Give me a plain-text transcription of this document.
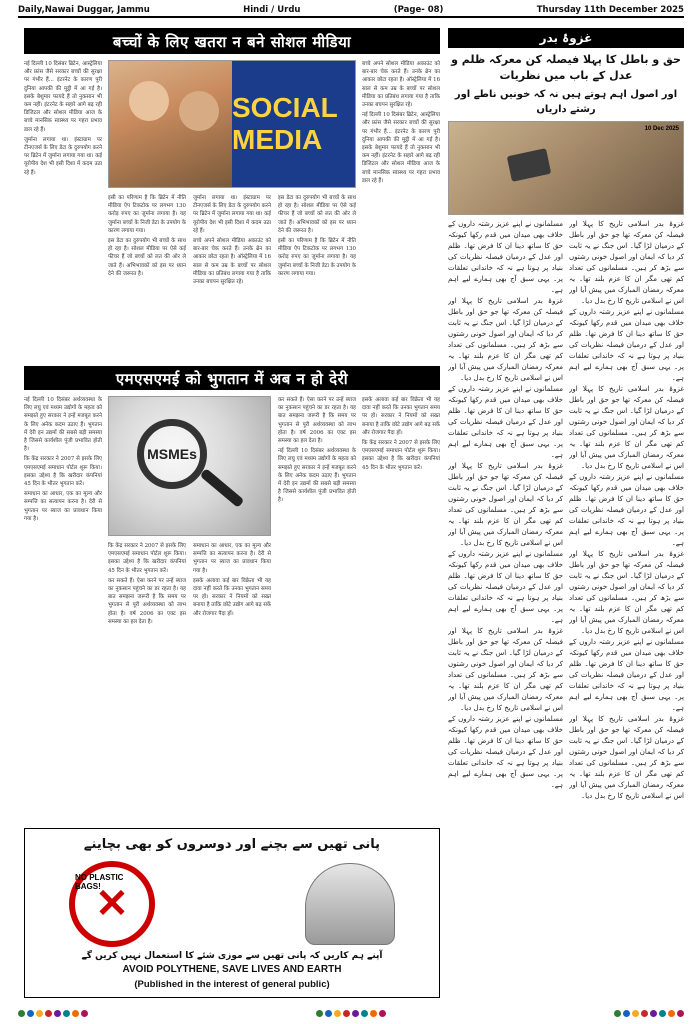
Daily,Nawai Duggar, Jammu	Hindi / Urdu	(Page- 08)	Thursday 11th December 2025
बच्चों के लिए खतरा न बने सोशल मीडिया

नई दिल्ली 10 दिसंबर ब्रिटेन, आस्ट्रेलिया और फ्रांस जैसे सरकार बच्चों की सुरक्षा पर गंभीर हैं... इंटरनेट के कारण पूरी दुनिया आपकी की मुट्ठी में आ गई है। इसके बेशुमार फायदे हैं तो नुकसान भी कम नहीं। इंटरनेट के सहारे आगे बढ़ रही डिजिटल और सोशल मीडिया आज के बच्चे मानसिक स्वास्थ्य पर गहरा प्रभाव डाल रहे हैं।

जुर्माना लगाया था। इंस्टाग्राम पर टीनएजर्स के लिए डेटा के दुरुपयोग करने पर ब्रिटेन में जुर्माना लगाया गया था। कई यूरोपीय देश भी इसी दिशा में कदम उठा रहे हैं।

SOCIAL MEDIA

इसी का परिणाम है कि ब्रिटेन में नीति मीडिया ऐप टिकटोक पर लगभग 130 करोड़ रुपए का जुर्माना लगाया है। यह जुर्माना बच्चों के निजी डेटा के उपयोग के कारण लगाया गया।

इस डेटा का दुरुपयोग भी बच्चों के साथ हो रहा है। सोशल मीडिया पर ऐसे कई फीचर हैं जो बच्चों को लत की ओर ले जाते हैं। अभिभावकों को इस पर ध्यान देने की जरूरत है।

जुर्माना लगाया था। इंस्टाग्राम पर टीनएजर्स के लिए डेटा के दुरुपयोग करने पर ब्रिटेन में जुर्माना लगाया गया था। कई यूरोपीय देश भी इसी दिशा में कदम उठा रहे हैं।

बच्चे अपने सोशल मीडिया अकाउंट को बार-बार चेक करते हैं। उनके ब्रेन का आकार छोटा रहता है। ऑस्ट्रेलिया में 16 साल से कम उम्र के बच्चों पर सोशल मीडिया का प्रतिबंध लगाया गया है ताकि उनका बचपन सुरक्षित रहे।

इस डेटा का दुरुपयोग भी बच्चों के साथ हो रहा है। सोशल मीडिया पर ऐसे कई फीचर हैं जो बच्चों को लत की ओर ले जाते हैं। अभिभावकों को इस पर ध्यान देने की जरूरत है।

इसी का परिणाम है कि ब्रिटेन में नीति मीडिया ऐप टिकटोक पर लगभग 130 करोड़ रुपए का जुर्माना लगाया है। यह जुर्माना बच्चों के निजी डेटा के उपयोग के कारण लगाया गया।

बच्चे अपने सोशल मीडिया अकाउंट को बार-बार चेक करते हैं। उनके ब्रेन का आकार छोटा रहता है। ऑस्ट्रेलिया में 16 साल से कम उम्र के बच्चों पर सोशल मीडिया का प्रतिबंध लगाया गया है ताकि उनका बचपन सुरक्षित रहे।

नई दिल्ली 10 दिसंबर ब्रिटेन, आस्ट्रेलिया और फ्रांस जैसे सरकार बच्चों की सुरक्षा पर गंभीर हैं... इंटरनेट के कारण पूरी दुनिया आपकी की मुट्ठी में आ गई है। इसके बेशुमार फायदे हैं तो नुकसान भी कम नहीं। इंटरनेट के सहारे आगे बढ़ रही डिजिटल और सोशल मीडिया आज के बच्चे मानसिक स्वास्थ्य पर गहरा प्रभाव डाल रहे हैं।

एमएसएमई को भुगतान में अब न हो देरी

नई दिल्ली 10 दिसंबर अर्थव्यवस्था के लिए लघु एवं मध्यम उद्योगों के महत्व को समझते हुए सरकार ने इन्हें मजबूत करने के लिए अनेक कदम उठाए हैं। भुगतान में देरी इन उद्यमों की सबसे बड़ी समस्या है जिससे कार्यशील पूंजी प्रभावित होती है।

कि केंद्र सरकार ने 2007 से इसके लिए एमएसएमई समाधान पोर्टल शुरू किया। इसका उद्देश्य है कि खरीदार कंपनियां 45 दिन के भीतर भुगतान करें।

समाधान का आधार, एक का मूल्य और सम्पत्ति का सत्यापन करना है। देरी से भुगतान पर ब्याज का प्रावधान किया गया है।

MSMEs

कि केंद्र सरकार ने 2007 से इसके लिए एमएसएमई समाधान पोर्टल शुरू किया। इसका उद्देश्य है कि खरीदार कंपनियां 45 दिन के भीतर भुगतान करें।

कर सकते हैं। ऐसा करने पर उन्हें ब्याज का नुकसान पहुंचने का डर रहता है। यह बात समझना जरूरी है कि समय पर भुगतान से पूरी अर्थव्यवस्था को लाभ होता है। वर्ष 2006 का एक्ट इस समस्या का हल देता है।

समाधान का आधार, एक का मूल्य और सम्पत्ति का सत्यापन करना है। देरी से भुगतान पर ब्याज का प्रावधान किया गया है।

इसके अलावा कई बार विक्रेता भी यह दावा नहीं करते कि उनका भुगतान समय पर हो। सरकार ने नियमों को सख्त बनाया है ताकि छोटे उद्योग आगे बढ़ सकें और रोजगार पैदा हों।

कर सकते हैं। ऐसा करने पर उन्हें ब्याज का नुकसान पहुंचने का डर रहता है। यह बात समझना जरूरी है कि समय पर भुगतान से पूरी अर्थव्यवस्था को लाभ होता है। वर्ष 2006 का एक्ट इस समस्या का हल देता है।

नई दिल्ली 10 दिसंबर अर्थव्यवस्था के लिए लघु एवं मध्यम उद्योगों के महत्व को समझते हुए सरकार ने इन्हें मजबूत करने के लिए अनेक कदम उठाए हैं। भुगतान में देरी इन उद्यमों की सबसे बड़ी समस्या है जिससे कार्यशील पूंजी प्रभावित होती है।

इसके अलावा कई बार विक्रेता भी यह दावा नहीं करते कि उनका भुगतान समय पर हो। सरकार ने नियमों को सख्त बनाया है ताकि छोटे उद्योग आगे बढ़ सकें और रोजगार पैदा हों।

कि केंद्र सरकार ने 2007 से इसके लिए एमएसएमई समाधान पोर्टल शुरू किया। इसका उद्देश्य है कि खरीदार कंपनियां 45 दिन के भीतर भुगतान करें।

پانی تھیں سے بچنے اور دوسروں کو بھی بچاینے
NO PLASTIC BAGS!
✕
آپنے ہم کاریں کہ پانی تھیں سے موزی شئے کا استعمال نہیں کریں گے
AVOID POLYTHENE, SAVE LIVES AND EARTH
(Published in the interest of general public)
غزوۂ بدر
حق و باطل کا پہلا فیصلہ کن معرکہ ظلم و عدل کے باب میں نظریات
اور اصول اہم ہوتے ہیں نہ کہ خونیں ناطے اور رشتے داریاں
10 Dec 2025

مسلمانوں نے اپنے عزیز رشتہ داروں کے خلاف بھی میدان میں قدم رکھا کیونکہ حق کا ساتھ دینا ان کا فرض تھا۔ ظلم اور عدل کے درمیان فیصلہ نظریات کی بنیاد پر ہوتا ہے نہ کہ خاندانی تعلقات پر۔ یہی سبق آج بھی ہمارے لیے اہم ہے۔

غزوۂ بدر اسلامی تاریخ کا پہلا اور فیصلہ کن معرکہ تھا جو حق اور باطل کے درمیان لڑا گیا۔ اس جنگ نے یہ ثابت کر دیا کہ ایمان اور اصول خونی رشتوں سے بڑھ کر ہیں۔ مسلمانوں کی تعداد کم تھی مگر ان کا عزم بلند تھا۔ یہ معرکہ رمضان المبارک میں پیش آیا اور اس نے اسلامی تاریخ کا رخ بدل دیا۔

مسلمانوں نے اپنے عزیز رشتہ داروں کے خلاف بھی میدان میں قدم رکھا کیونکہ حق کا ساتھ دینا ان کا فرض تھا۔ ظلم اور عدل کے درمیان فیصلہ نظریات کی بنیاد پر ہوتا ہے نہ کہ خاندانی تعلقات پر۔ یہی سبق آج بھی ہمارے لیے اہم ہے۔

غزوۂ بدر اسلامی تاریخ کا پہلا اور فیصلہ کن معرکہ تھا جو حق اور باطل کے درمیان لڑا گیا۔ اس جنگ نے یہ ثابت کر دیا کہ ایمان اور اصول خونی رشتوں سے بڑھ کر ہیں۔ مسلمانوں کی تعداد کم تھی مگر ان کا عزم بلند تھا۔ یہ معرکہ رمضان المبارک میں پیش آیا اور اس نے اسلامی تاریخ کا رخ بدل دیا۔

مسلمانوں نے اپنے عزیز رشتہ داروں کے خلاف بھی میدان میں قدم رکھا کیونکہ حق کا ساتھ دینا ان کا فرض تھا۔ ظلم اور عدل کے درمیان فیصلہ نظریات کی بنیاد پر ہوتا ہے نہ کہ خاندانی تعلقات پر۔ یہی سبق آج بھی ہمارے لیے اہم ہے۔

غزوۂ بدر اسلامی تاریخ کا پہلا اور فیصلہ کن معرکہ تھا جو حق اور باطل کے درمیان لڑا گیا۔ اس جنگ نے یہ ثابت کر دیا کہ ایمان اور اصول خونی رشتوں سے بڑھ کر ہیں۔ مسلمانوں کی تعداد کم تھی مگر ان کا عزم بلند تھا۔ یہ معرکہ رمضان المبارک میں پیش آیا اور اس نے اسلامی تاریخ کا رخ بدل دیا۔

مسلمانوں نے اپنے عزیز رشتہ داروں کے خلاف بھی میدان میں قدم رکھا کیونکہ حق کا ساتھ دینا ان کا فرض تھا۔ ظلم اور عدل کے درمیان فیصلہ نظریات کی بنیاد پر ہوتا ہے نہ کہ خاندانی تعلقات پر۔ یہی سبق آج بھی ہمارے لیے اہم ہے۔

غزوۂ بدر اسلامی تاریخ کا پہلا اور فیصلہ کن معرکہ تھا جو حق اور باطل کے درمیان لڑا گیا۔ اس جنگ نے یہ ثابت کر دیا کہ ایمان اور اصول خونی رشتوں سے بڑھ کر ہیں۔ مسلمانوں کی تعداد کم تھی مگر ان کا عزم بلند تھا۔ یہ معرکہ رمضان المبارک میں پیش آیا اور اس نے اسلامی تاریخ کا رخ بدل دیا۔

مسلمانوں نے اپنے عزیز رشتہ داروں کے خلاف بھی میدان میں قدم رکھا کیونکہ حق کا ساتھ دینا ان کا فرض تھا۔ ظلم اور عدل کے درمیان فیصلہ نظریات کی بنیاد پر ہوتا ہے نہ کہ خاندانی تعلقات پر۔ یہی سبق آج بھی ہمارے لیے اہم ہے۔

غزوۂ بدر اسلامی تاریخ کا پہلا اور فیصلہ کن معرکہ تھا جو حق اور باطل کے درمیان لڑا گیا۔ اس جنگ نے یہ ثابت کر دیا کہ ایمان اور اصول خونی رشتوں سے بڑھ کر ہیں۔ مسلمانوں کی تعداد کم تھی مگر ان کا عزم بلند تھا۔ یہ معرکہ رمضان المبارک میں پیش آیا اور اس نے اسلامی تاریخ کا رخ بدل دیا۔

مسلمانوں نے اپنے عزیز رشتہ داروں کے خلاف بھی میدان میں قدم رکھا کیونکہ حق کا ساتھ دینا ان کا فرض تھا۔ ظلم اور عدل کے درمیان فیصلہ نظریات کی بنیاد پر ہوتا ہے نہ کہ خاندانی تعلقات پر۔ یہی سبق آج بھی ہمارے لیے اہم ہے۔

غزوۂ بدر اسلامی تاریخ کا پہلا اور فیصلہ کن معرکہ تھا جو حق اور باطل کے درمیان لڑا گیا۔ اس جنگ نے یہ ثابت کر دیا کہ ایمان اور اصول خونی رشتوں سے بڑھ کر ہیں۔ مسلمانوں کی تعداد کم تھی مگر ان کا عزم بلند تھا۔ یہ معرکہ رمضان المبارک میں پیش آیا اور اس نے اسلامی تاریخ کا رخ بدل دیا۔

مسلمانوں نے اپنے عزیز رشتہ داروں کے خلاف بھی میدان میں قدم رکھا کیونکہ حق کا ساتھ دینا ان کا فرض تھا۔ ظلم اور عدل کے درمیان فیصلہ نظریات کی بنیاد پر ہوتا ہے نہ کہ خاندانی تعلقات پر۔ یہی سبق آج بھی ہمارے لیے اہم ہے۔

غزوۂ بدر اسلامی تاریخ کا پہلا اور فیصلہ کن معرکہ تھا جو حق اور باطل کے درمیان لڑا گیا۔ اس جنگ نے یہ ثابت کر دیا کہ ایمان اور اصول خونی رشتوں سے بڑھ کر ہیں۔ مسلمانوں کی تعداد کم تھی مگر ان کا عزم بلند تھا۔ یہ معرکہ رمضان المبارک میں پیش آیا اور اس نے اسلامی تاریخ کا رخ بدل دیا۔
